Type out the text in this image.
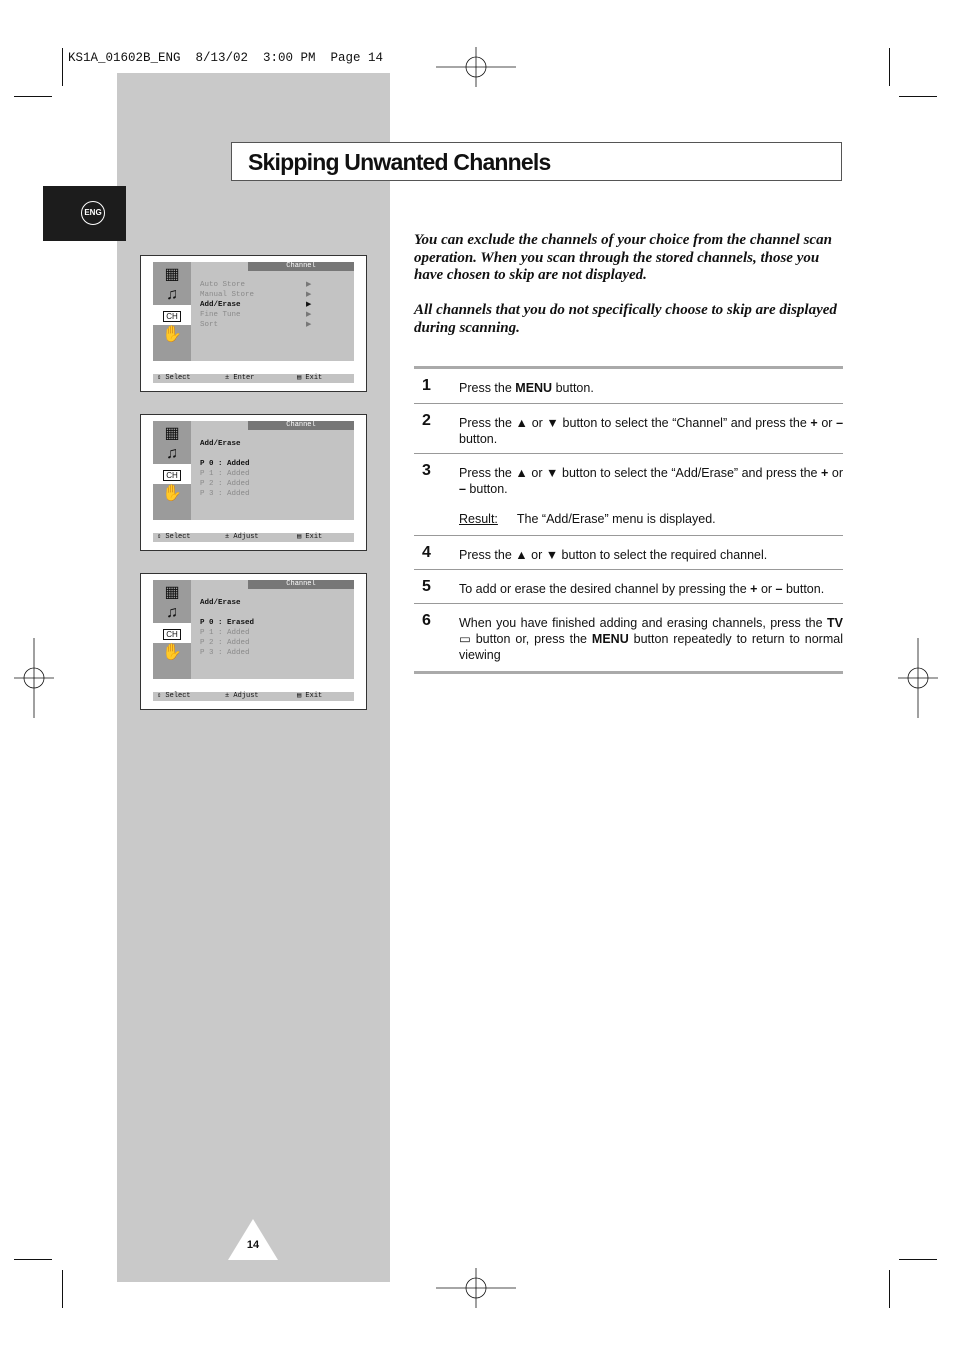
KS1A_01602B_ENG  8/13/02  3:00 PM  Page 14
Skipping Unwanted Channels
ENG
You can exclude the channels of your choice from the channel scan operation. When you scan through the stored channels, those you have chosen to skip are not displayed.
All channels that you do not specifically choose to skip are displayed during scanning.
1 Press the MENU button.
2 Press the ▲ or ▼ button to select the “Channel” and press the + or – button.
3 Press the ▲ or ▼ button to select the “Add/Erase” and press the + or – button.
Result: The “Add/Erase” menu is displayed.
4 Press the ▲ or ▼ button to select the required channel.
5 To add or erase the desired channel by pressing the + or – button.
6 When you have finished adding and erasing channels, press the TV ▭ button or, press the MENU button repeatedly to return to normal viewing
▦
♫
CH
✋
Channel
Auto Store	▶
Manual Store	▶
Add/Erase	▶
Fine Tune	▶
Sort	▶
⇕ Select	± Enter	▤ Exit
▦
♫
CH
✋
Channel
Add/Erase
P 0 : Added
P 1 : Added
P 2 : Added
P 3 : Added
⇕ Select	± Adjust	▤ Exit
▦
♫
CH
✋
Channel
Add/Erase
P 0 : Erased
P 1 : Added
P 2 : Added
P 3 : Added
⇕ Select	± Adjust	▤ Exit
14
